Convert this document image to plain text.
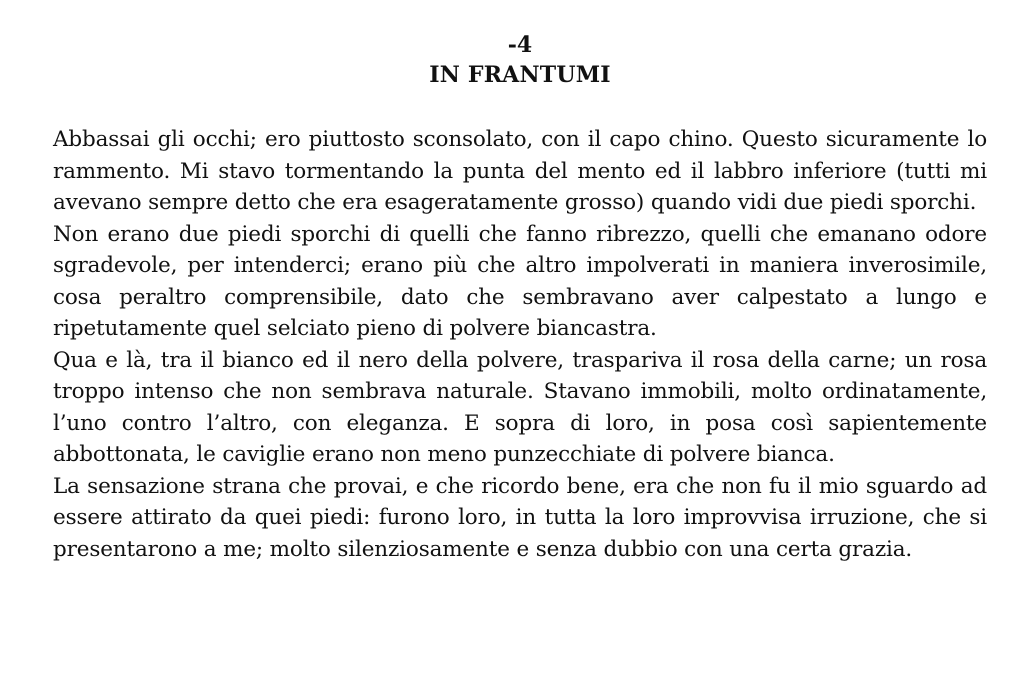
-4
IN FRANTUMI

Abbassai gli occhi; ero piuttosto sconsolato, con il capo chino. Questo sicuramente lo rammento. Mi stavo tormentando la punta del mento ed il labbro inferiore (tutti mi avevano sempre detto che era esageratamente grosso) quando vidi due piedi sporchi.

Non erano due piedi sporchi di quelli che fanno ribrezzo, quelli che emanano odore sgradevole, per intenderci; erano più che altro impolverati in maniera inverosimile, cosa peraltro comprensibile, dato che sembravano aver calpestato a lungo e ripetutamente quel selciato pieno di polvere biancastra.

Qua e là, tra il bianco ed il nero della polvere, traspariva il rosa della carne; un rosa troppo intenso che non sembrava naturale. Stavano immobili, molto ordinatamente, l’uno contro l’altro, con eleganza. E sopra di loro, in posa così sapientemente abbottonata, le caviglie erano non meno punzecchiate di polvere bianca.

La sensazione strana che provai, e che ricordo bene, era che non fu il mio sguardo ad essere attirato da quei piedi: furono loro, in tutta la loro improvvisa irruzione, che si presentarono a me; molto silenziosamente e senza dubbio con una certa grazia.
